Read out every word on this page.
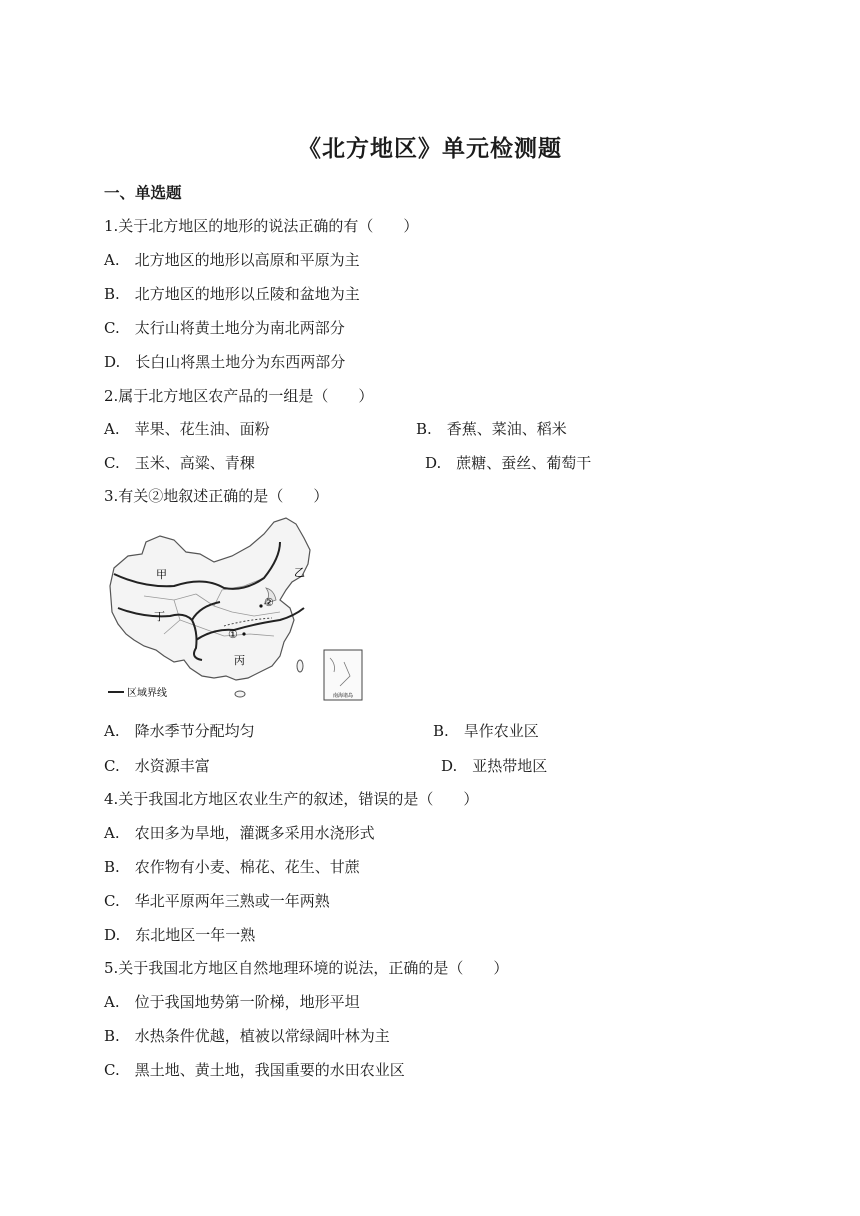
《北方地区》单元检测题
一、单选题
1.关于北方地区的地形的说法正确的有（　　）
A.　北方地区的地形以高原和平原为主
B.　北方地区的地形以丘陵和盆地为主
C.　太行山将黄土地分为南北两部分
D.　长白山将黑土地分为东西两部分
2.属于北方地区农产品的一组是（　　）
A.　苹果、花生油、面粉	B.　香蕉、菜油、稻米
C.　玉米、高粱、青稞	D.　蔗糖、蚕丝、葡萄干
3.有关②地叙述正确的是（　　）
甲	乙
丙
丁
①
②
区域界线	南海诸岛
A.　降水季节分配均匀	B.　旱作农业区
C.　水资源丰富	D.　亚热带地区
4.关于我国北方地区农业生产的叙述，错误的是（　　）
A.　农田多为旱地，灌溉多采用水浇形式
B.　农作物有小麦、棉花、花生、甘蔗
C.　华北平原两年三熟或一年两熟
D.　东北地区一年一熟
5.关于我国北方地区自然地理环境的说法，正确的是（　　）
A.　位于我国地势第一阶梯，地形平坦
B.　水热条件优越，植被以常绿阔叶林为主
C.　黑土地、黄土地，我国重要的水田农业区
